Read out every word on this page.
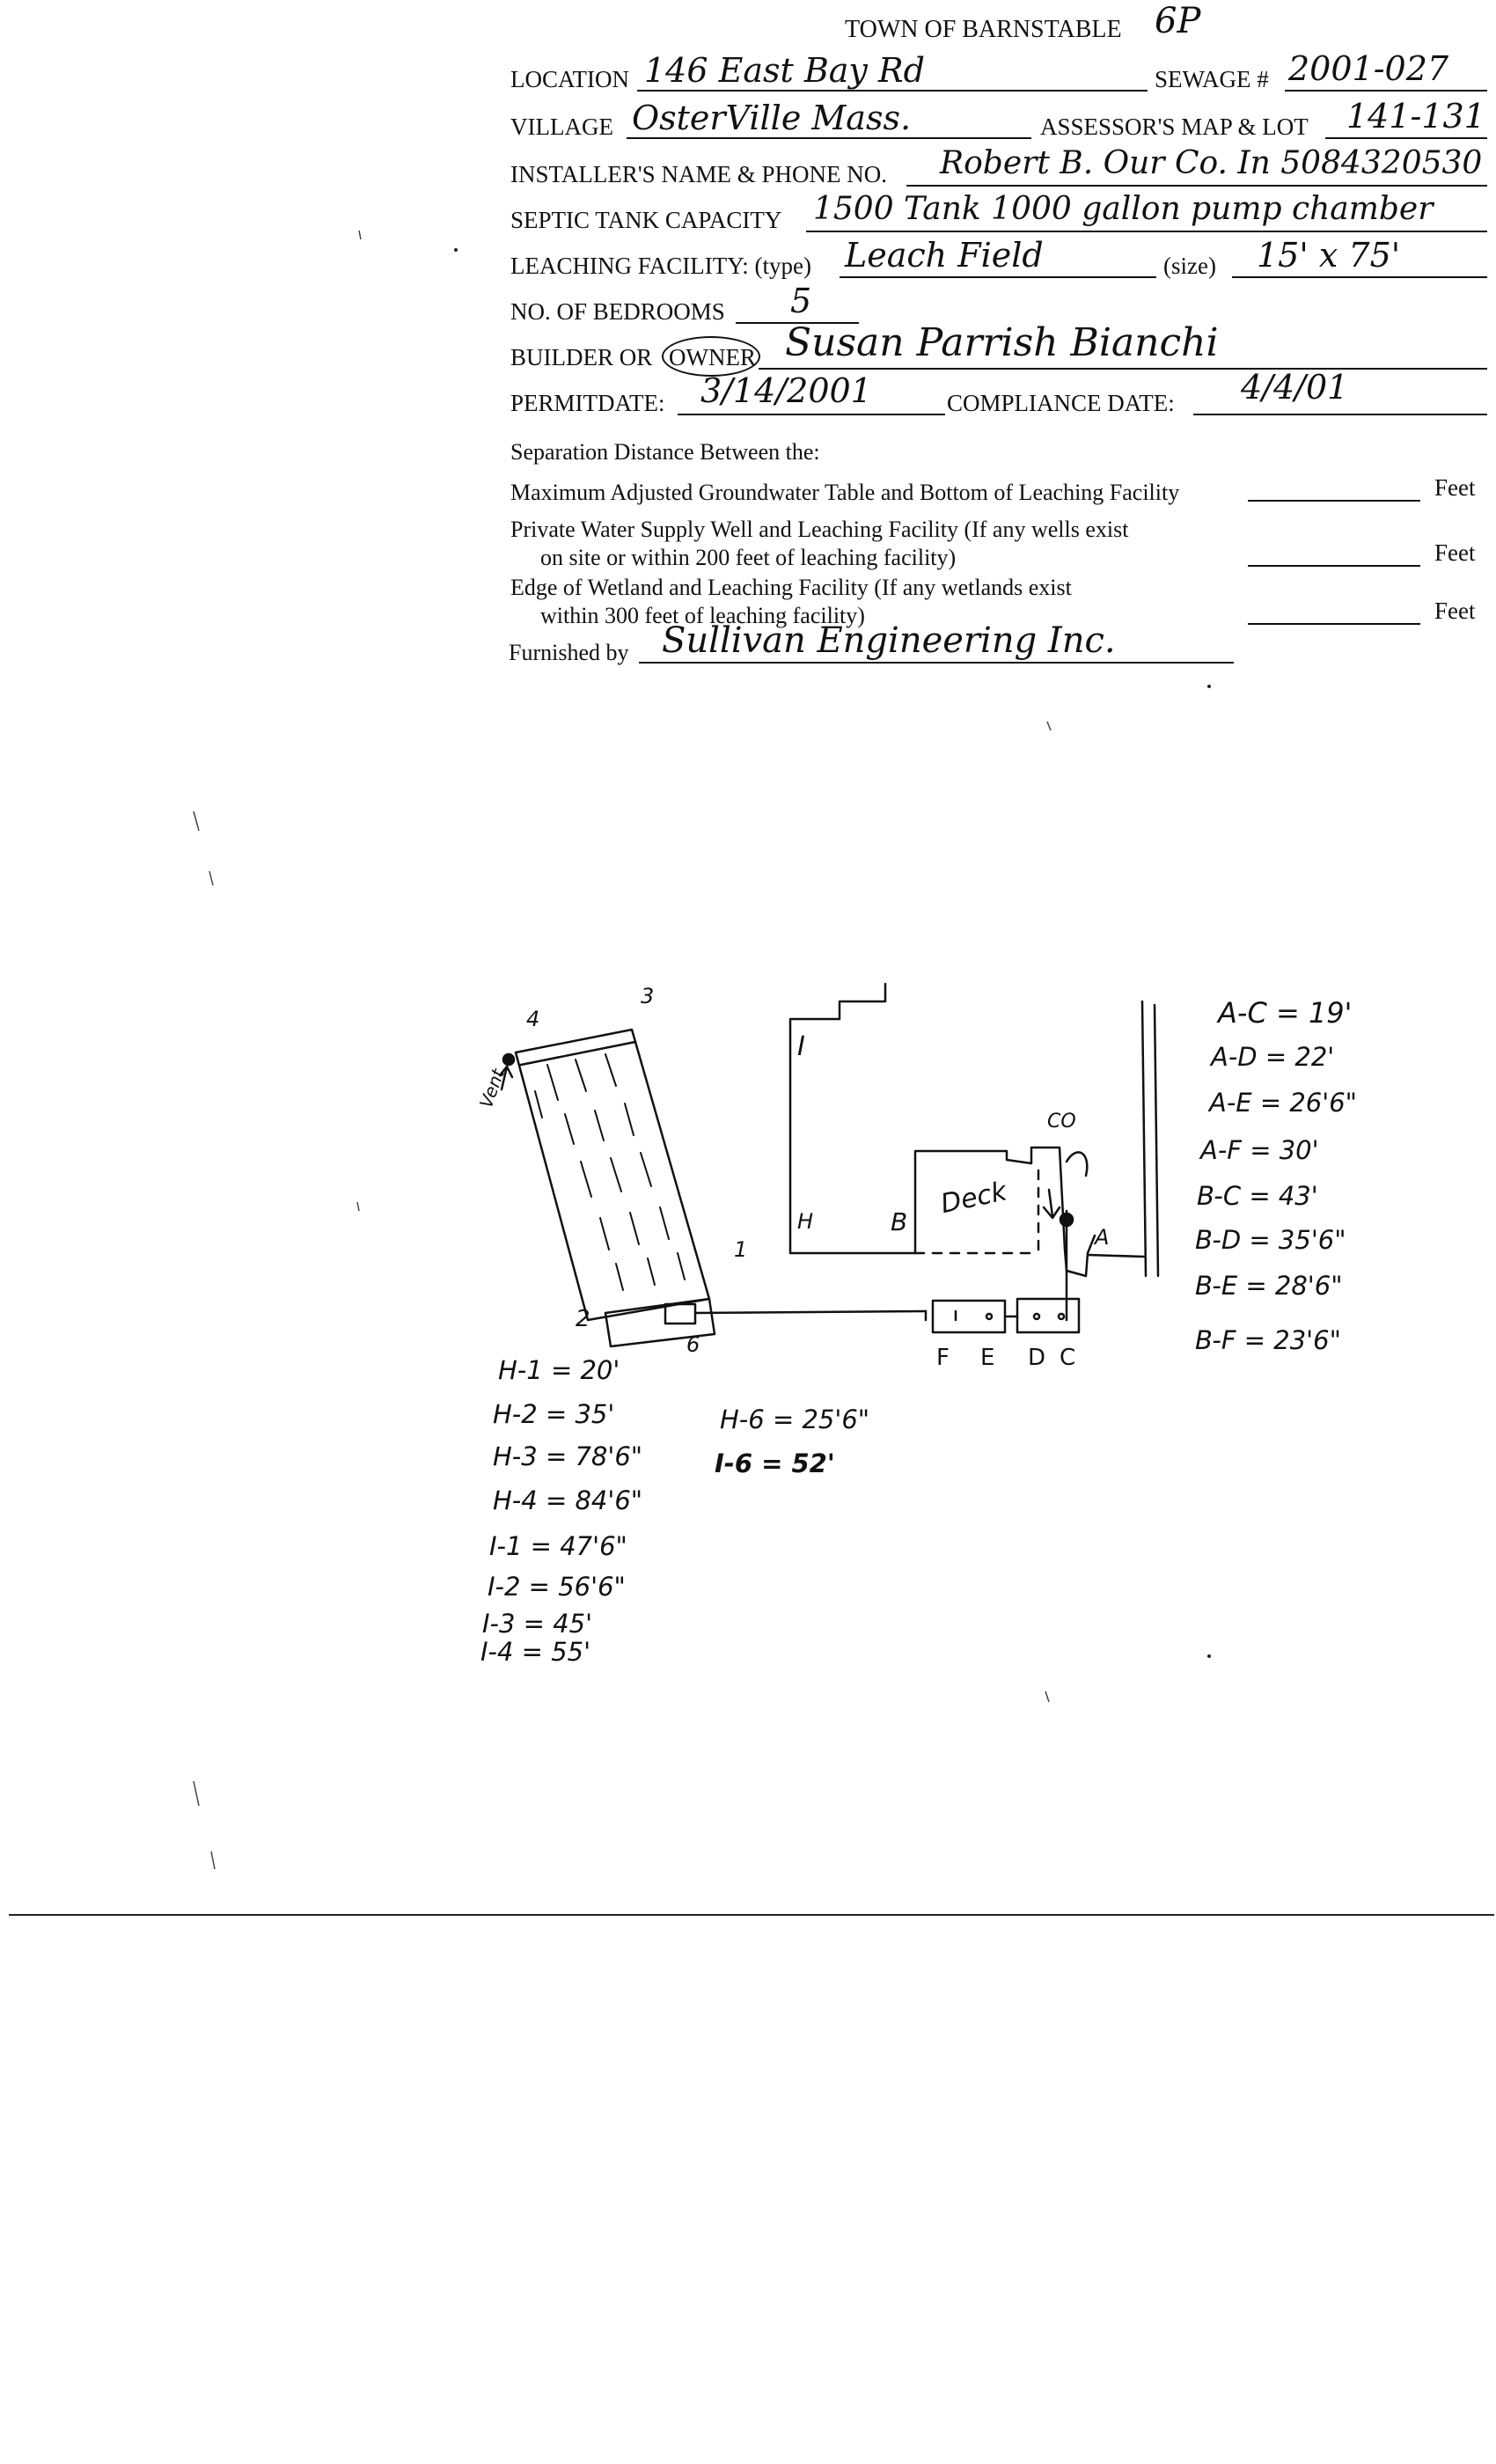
TOWN OF BARNSTABLE 6P
LOCATION 146 East Bay Rd	SEWAGE # 2001-027
VILLAGE OsterVille Mass.	ASSESSOR'S MAP & LOT 141-131
INSTALLER'S NAME & PHONE NO. Robert B. Our Co. In 5084320530
SEPTIC TANK CAPACITY 1500 Tank 1000 gallon pump chamber
LEACHING FACILITY: (type) Leach Field	(size) 15' x 75'
NO. OF BEDROOMS 5
BUILDER OR OWNER Susan Parrish Bianchi
PERMITDATE: 3/14/2001	COMPLIANCE DATE: 4/4/01
Separation Distance Between the:
Maximum Adjusted Groundwater Table and Bottom of Leaching Facility	Feet
Private Water Supply Well and Leaching Facility (If any wells exist
on site or within 200 feet of leaching facility)	Feet
Edge of Wetland and Leaching Facility (If any wetlands exist
within 300 feet of leaching facility)	Feet
Furnished by Sullivan Engineering Inc.
4
3
1
2
6
Vent
I
H	B
Deck
A
CO
F E D C
A-C = 19'
A-D = 22'
A-E = 26'6"
A-F = 30'
B-C = 43'
B-D = 35'6"
B-E = 28'6"
B-F = 23'6"
H-1 = 20'
H-2 = 35'
H-3 = 78'6"
H-4 = 84'6"
I-1 = 47'6"
I-2 = 56'6"
I-3 = 45'
I-4 = 55'
H-6 = 25'6"
I-6 = 52'
